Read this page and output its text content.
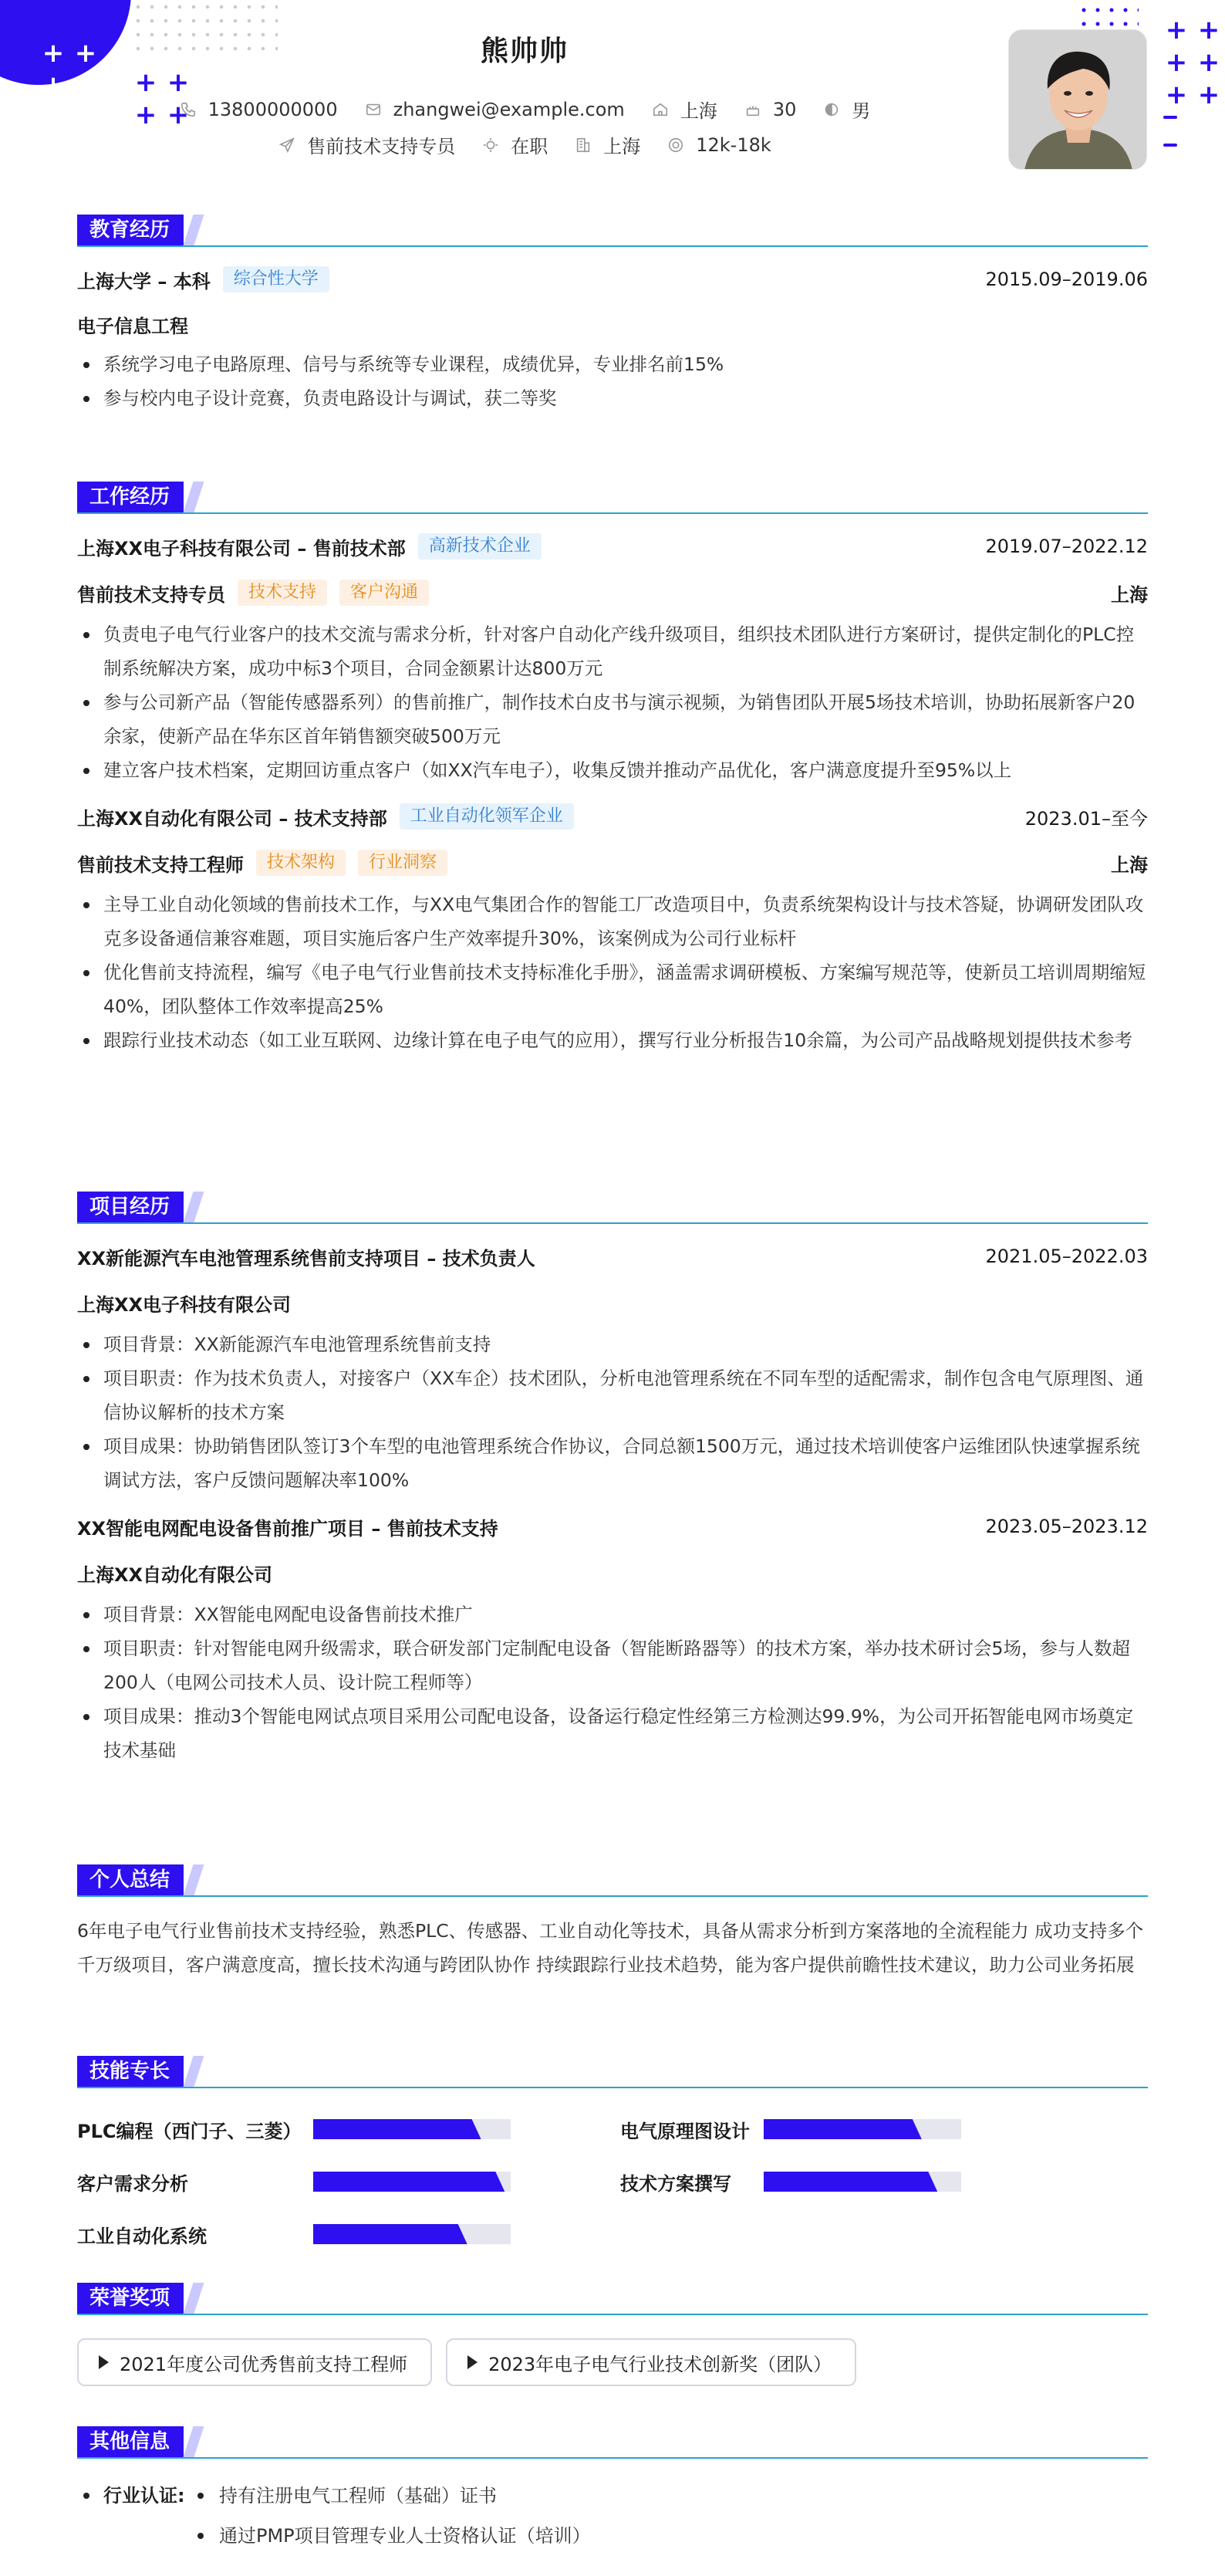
+ +
+ + + +
+ +
+ +
+ +
+ +
熊帅帅
13800000000	zhangwei@example.com	上海	30	男
售前技术支持专员	在职	上海	12k-18k
教育经历
上海大学 – 本科	综合性大学	2015.09–2019.06
电子信息工程
系统学习电子电路原理、信号与系统等专业课程，成绩优异，专业排名前15%
参与校内电子设计竞赛，负责电路设计与调试，获二等奖
工作经历
上海XX电子科技有限公司 – 售前技术部	高新技术企业	2019.07–2022.12
售前技术支持专员	技术支持	客户沟通	上海
负责电子电气行业客户的技术交流与需求分析，针对客户自动化产线升级项目，组织技术团队进行方案研讨，提供定制化的PLC控制系统解决方案，成功中标3个项目，合同金额累计达800万元
参与公司新产品（智能传感器系列）的售前推广，制作技术白皮书与演示视频，为销售团队开展5场技术培训，协助拓展新客户20余家，使新产品在华东区首年销售额突破500万元
建立客户技术档案，定期回访重点客户（如XX汽车电子），收集反馈并推动产品优化，客户满意度提升至95%以上
上海XX自动化有限公司 – 技术支持部	工业自动化领军企业	2023.01–至今
售前技术支持工程师	技术架构	行业洞察	上海
主导工业自动化领域的售前技术工作，与XX电气集团合作的智能工厂改造项目中，负责系统架构设计与技术答疑，协调研发团队攻克多设备通信兼容难题，项目实施后客户生产效率提升30%，该案例成为公司行业标杆
优化售前支持流程，编写《电子电气行业售前技术支持标准化手册》，涵盖需求调研模板、方案编写规范等，使新员工培训周期缩短40%，团队整体工作效率提高25%
跟踪行业技术动态（如工业互联网、边缘计算在电子电气的应用），撰写行业分析报告10余篇，为公司产品战略规划提供技术参考
项目经历
XX新能源汽车电池管理系统售前支持项目 – 技术负责人	2021.05–2022.03
上海XX电子科技有限公司
项目背景：XX新能源汽车电池管理系统售前支持
项目职责：作为技术负责人，对接客户（XX车企）技术团队，分析电池管理系统在不同车型的适配需求，制作包含电气原理图、通信协议解析的技术方案
项目成果：协助销售团队签订3个车型的电池管理系统合作协议，合同总额1500万元，通过技术培训使客户运维团队快速掌握系统调试方法，客户反馈问题解决率100%
XX智能电网配电设备售前推广项目 – 售前技术支持	2023.05–2023.12
上海XX自动化有限公司
项目背景：XX智能电网配电设备售前技术推广
项目职责：针对智能电网升级需求，联合研发部门定制配电设备（智能断路器等）的技术方案，举办技术研讨会5场，参与人数超200人（电网公司技术人员、设计院工程师等）
项目成果：推动3个智能电网试点项目采用公司配电设备，设备运行稳定性经第三方检测达99.9%，为公司开拓智能电网市场奠定技术基础
个人总结

6年电子电气行业售前技术支持经验，熟悉PLC、传感器、工业自动化等技术，具备从需求分析到方案落地的全流程能力 成功支持多个千万级项目，客户满意度高，擅长技术沟通与跨团队协作 持续跟踪行业技术趋势，能为客户提供前瞻性技术建议，助力公司业务拓展

技能专长
PLC编程（西门子、三菱）	电气原理图设计
客户需求分析	技术方案撰写
工业自动化系统
荣誉奖项
2021年度公司优秀售前支持工程师	2023年电子电气行业技术创新奖（团队）
其他信息
行业认证:	持有注册电气工程师（基础）证书
通过PMP项目管理专业人士资格认证（培训）
